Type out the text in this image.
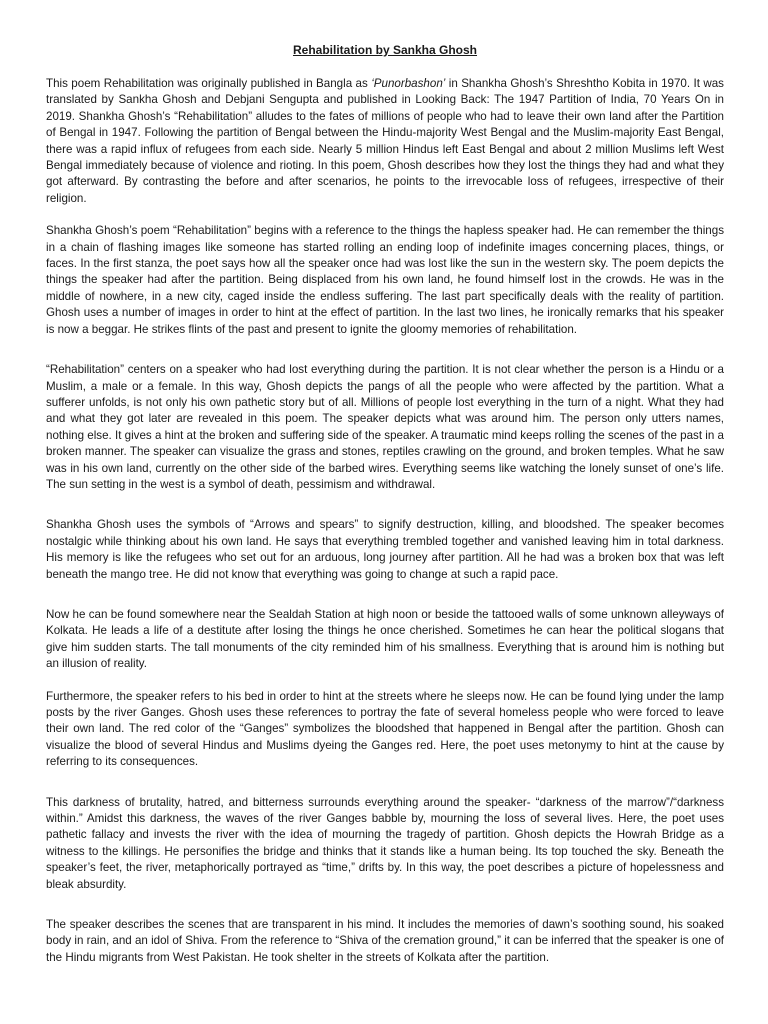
Rehabilitation by Sankha Ghosh

This poem Rehabilitation was originally published in Bangla as ‘Punorbashon’ in Shankha Ghosh’s Shreshtho Kobita in 1970. It was translated by Sankha Ghosh and Debjani Sengupta and published in Looking Back: The 1947 Partition of India, 70 Years On in 2019. Shankha Ghosh’s “Rehabilitation” alludes to the fates of millions of people who had to leave their own land after the Partition of Bengal in 1947. Following the partition of Bengal between the Hindu-majority West Bengal and the Muslim-majority East Bengal, there was a rapid influx of refugees from each side. Nearly 5 million Hindus left East Bengal and about 2 million Muslims left West Bengal immediately because of violence and rioting. In this poem, Ghosh describes how they lost the things they had and what they got afterward. By contrasting the before and after scenarios, he points to the irrevocable loss of refugees, irrespective of their religion.

Shankha Ghosh’s poem “Rehabilitation” begins with a reference to the things the hapless speaker had. He can remember the things in a chain of flashing images like someone has started rolling an ending loop of indefinite images concerning places, things, or faces. In the first stanza, the poet says how all the speaker once had was lost like the sun in the western sky. The poem depicts the things the speaker had after the partition. Being displaced from his own land, he found himself lost in the crowds. He was in the middle of nowhere, in a new city, caged inside the endless suffering. The last part specifically deals with the reality of partition. Ghosh uses a number of images in order to hint at the effect of partition. In the last two lines, he ironically remarks that his speaker is now a beggar. He strikes flints of the past and present to ignite the gloomy memories of rehabilitation.

“Rehabilitation” centers on a speaker who had lost everything during the partition. It is not clear whether the person is a Hindu or a Muslim, a male or a female. In this way, Ghosh depicts the pangs of all the people who were affected by the partition. What a sufferer unfolds, is not only his own pathetic story but of all. Millions of people lost everything in the turn of a night. What they had and what they got later are revealed in this poem. The speaker depicts what was around him. The person only utters names, nothing else. It gives a hint at the broken and suffering side of the speaker. A traumatic mind keeps rolling the scenes of the past in a broken manner. The speaker can visualize the grass and stones, reptiles crawling on the ground, and broken temples. What he saw was in his own land, currently on the other side of the barbed wires. Everything seems like watching the lonely sunset of one’s life. The sun setting in the west is a symbol of death, pessimism and withdrawal.

Shankha Ghosh uses the symbols of “Arrows and spears” to signify destruction, killing, and bloodshed. The speaker becomes nostalgic while thinking about his own land. He says that everything trembled together and vanished leaving him in total darkness. His memory is like the refugees who set out for an arduous, long journey after partition. All he had was a broken box that was left beneath the mango tree. He did not know that everything was going to change at such a rapid pace.

Now he can be found somewhere near the Sealdah Station at high noon or beside the tattooed walls of some unknown alleyways of Kolkata. He leads a life of a destitute after losing the things he once cherished. Sometimes he can hear the political slogans that give him sudden starts. The tall monuments of the city reminded him of his smallness. Everything that is around him is nothing but an illusion of reality.

Furthermore, the speaker refers to his bed in order to hint at the streets where he sleeps now. He can be found lying under the lamp posts by the river Ganges. Ghosh uses these references to portray the fate of several homeless people who were forced to leave their own land. The red color of the “Ganges” symbolizes the bloodshed that happened in Bengal after the partition. Ghosh can visualize the blood of several Hindus and Muslims dyeing the Ganges red. Here, the poet uses metonymy to hint at the cause by referring to its consequences.

This darkness of brutality, hatred, and bitterness surrounds everything around the speaker- “darkness of the marrow”/“darkness within.” Amidst this darkness, the waves of the river Ganges babble by, mourning the loss of several lives. Here, the poet uses pathetic fallacy and invests the river with the idea of mourning the tragedy of partition. Ghosh depicts the Howrah Bridge as a witness to the killings. He personifies the bridge and thinks that it stands like a human being. Its top touched the sky. Beneath the speaker’s feet, the river, metaphorically portrayed as “time,” drifts by. In this way, the poet describes a picture of hopelessness and bleak absurdity.

The speaker describes the scenes that are transparent in his mind. It includes the memories of dawn’s soothing sound, his soaked body in rain, and an idol of Shiva. From the reference to “Shiva of the cremation ground,” it can be inferred that the speaker is one of the Hindu migrants from West Pakistan. He took shelter in the streets of Kolkata after the partition.
